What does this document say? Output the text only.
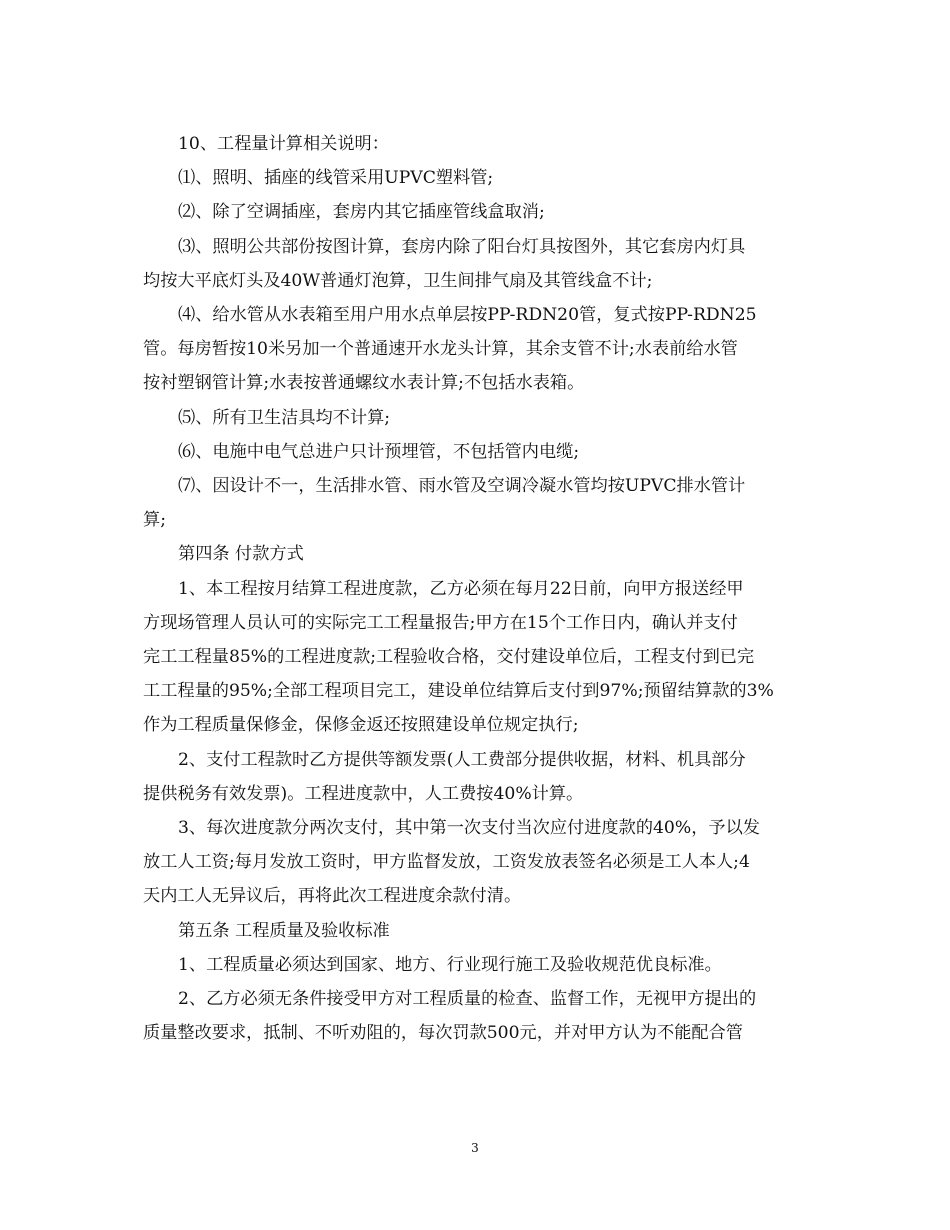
10、工程量计算相关说明：

⑴、照明、插座的线管采用UPVC塑料管;

⑵、除了空调插座，套房内其它插座管线盒取消;

⑶、照明公共部份按图计算，套房内除了阳台灯具按图外，其它套房内灯具
均按大平底灯头及40W普通灯泡算，卫生间排气扇及其管线盒不计;

⑷、给水管从水表箱至用户用水点单层按PP-RDN20管，复式按PP-RDN25
管。每房暂按10米另加一个普通速开水龙头计算，其余支管不计;水表前给水管
按衬塑钢管计算;水表按普通螺纹水表计算;不包括水表箱。

⑸、所有卫生洁具均不计算;

⑹、电施中电气总进户只计预埋管，不包括管内电缆;

⑺、因设计不一，生活排水管、雨水管及空调冷凝水管均按UPVC排水管计
算;

第四条 付款方式

1、本工程按月结算工程进度款，乙方必须在每月22日前，向甲方报送经甲
方现场管理人员认可的实际完工工程量报告;甲方在15个工作日内，确认并支付
完工工程量85%的工程进度款;工程验收合格，交付建设单位后，工程支付到已完
工工程量的95%;全部工程项目完工，建设单位结算后支付到97%;预留结算款的3%
作为工程质量保修金，保修金返还按照建设单位规定执行;

2、支付工程款时乙方提供等额发票(人工费部分提供收据，材料、机具部分
提供税务有效发票)。工程进度款中，人工费按40%计算。

3、每次进度款分两次支付，其中第一次支付当次应付进度款的40%，予以发
放工人工资;每月发放工资时，甲方监督发放，工资发放表签名必须是工人本人;4
天内工人无异议后，再将此次工程进度余款付清。

第五条 工程质量及验收标准

1、工程质量必须达到国家、地方、行业现行施工及验收规范优良标准。

2、乙方必须无条件接受甲方对工程质量的检查、监督工作，无视甲方提出的
质量整改要求，抵制、不听劝阻的，每次罚款500元，并对甲方认为不能配合管

3
